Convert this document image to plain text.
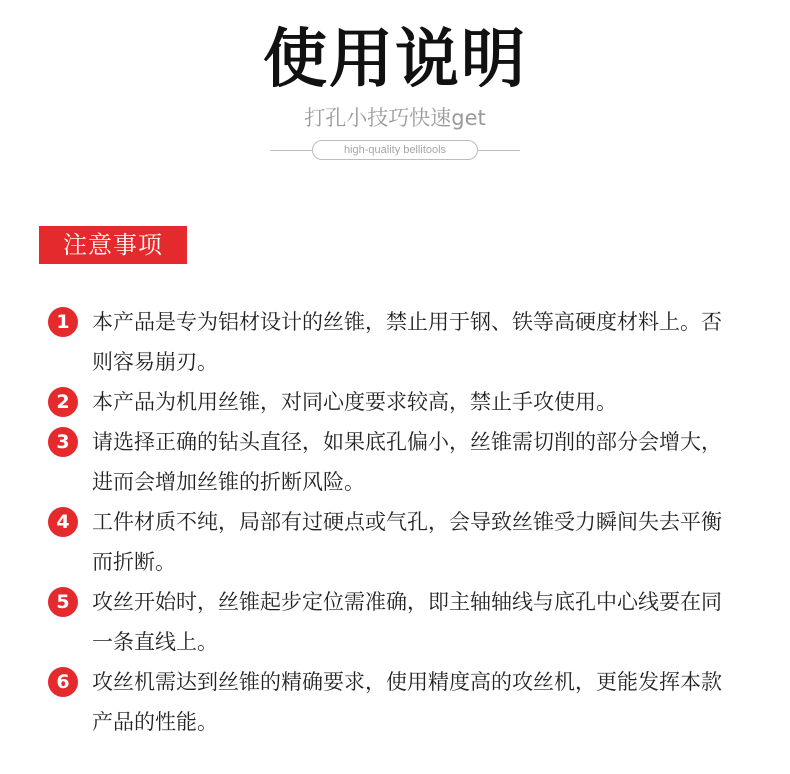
使用说明
打孔小技巧快速get
high-quality bellitools
注意事项
1	本产品是专为铝材设计的丝锥，禁止用于钢、铁等高硬度材料上。否则容易崩刃。
2	本产品为机用丝锥，对同心度要求较高，禁止手攻使用。
3	请选择正确的钻头直径，如果底孔偏小，丝锥需切削的部分会增大，进而会增加丝锥的折断风险。
4	工件材质不纯，局部有过硬点或气孔，会导致丝锥受力瞬间失去平衡而折断。
5	攻丝开始时，丝锥起步定位需准确，即主轴轴线与底孔中心线要在同一条直线上。
6	攻丝机需达到丝锥的精确要求，使用精度高的攻丝机，更能发挥本款产品的性能。
